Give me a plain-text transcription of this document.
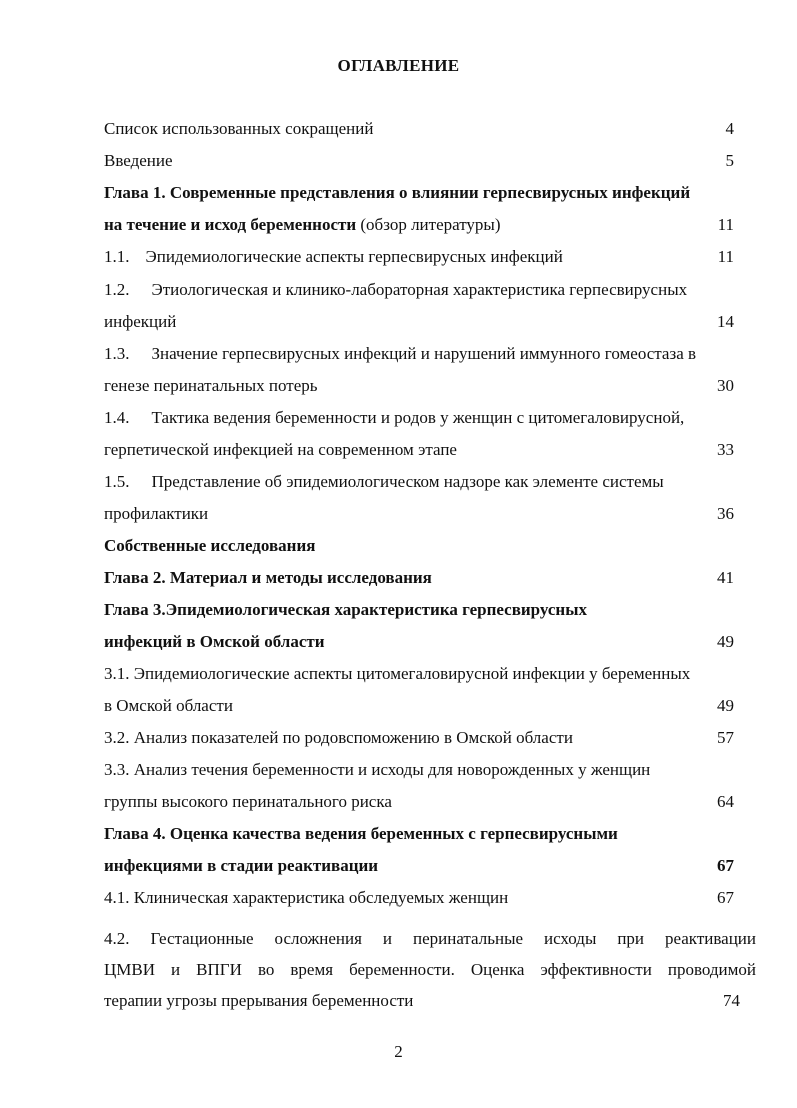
ОГЛАВЛЕНИЕ
Список использованных сокращений	4
Введение	5
Глава 1. Современные представления о влиянии герпесвирусных инфекций
на течение и исход беременности (обзор литературы)	11
1.1. Эпидемиологические аспекты герпесвирусных инфекций	11
1.2. Этиологическая и клинико-лабораторная характеристика герпесвирусных
инфекций	14
1.3. Значение герпесвирусных инфекций и нарушений иммунного гомеостаза в
генезе перинатальных потерь	30
1.4. Тактика ведения беременности и родов у женщин с цитомегаловирусной,
герпетической инфекцией на современном этапе	33
1.5. Представление об эпидемиологическом надзоре как элементе системы
профилактики	36
Собственные исследования
Глава 2. Материал и методы исследования	41
Глава 3.Эпидемиологическая характеристика герпесвирусных
инфекций в Омской области	49
3.1. Эпидемиологические аспекты цитомегаловирусной инфекции у беременных
в Омской области	49
3.2. Анализ показателей по родовспоможению в Омской области	57
3.3. Анализ течения беременности и исходы для новорожденных у женщин
группы высокого перинатального риска	64
Глава 4. Оценка качества ведения беременных с герпесвирусными
инфекциями в стадии реактивации	67
4.1. Клиническая характеристика обследуемых женщин	67
4.2. Гестационные осложнения и перинатальные исходы при реактивации
ЦМВИ и ВПГИ во время беременности. Оценка эффективности проводимой
терапии угрозы прерывания беременности	74
2
